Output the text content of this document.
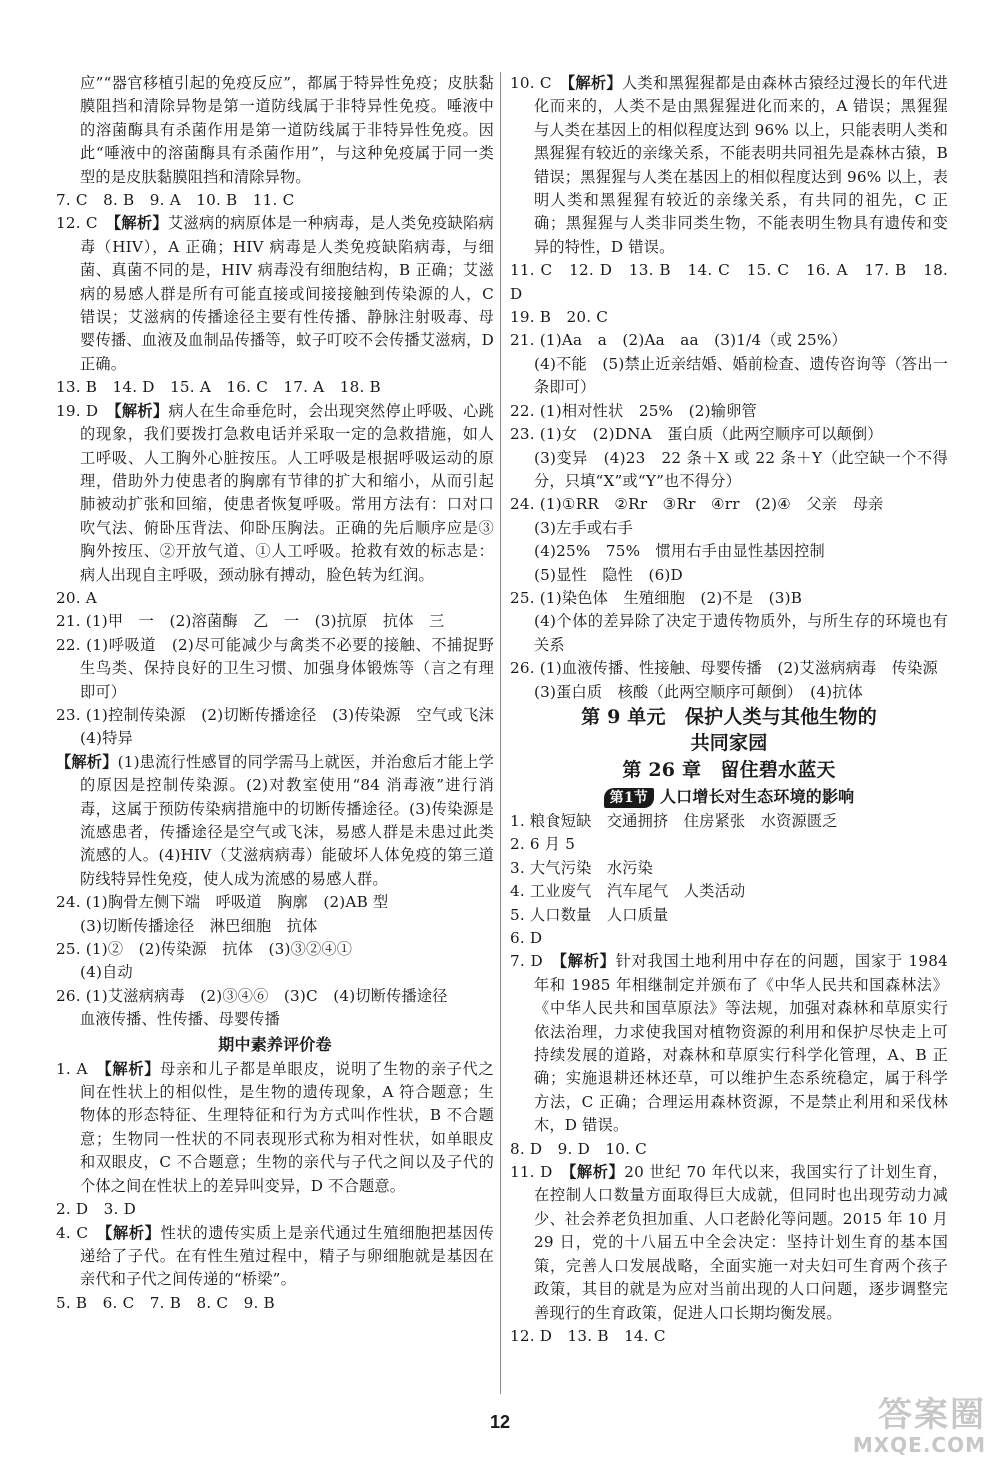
应”“器官移植引起的免疫反应”，都属于特异性免疫；皮肤黏膜阻挡和清除异物是第一道防线属于非特异性免疫。唾液中的溶菌酶具有杀菌作用是第一道防线属于非特异性免疫。因此“唾液中的溶菌酶具有杀菌作用”，与这种免疫属于同一类型的是皮肤黏膜阻挡和清除异物。

7. C　8. B　9. A　10. B　11. C

12. C　【解析】艾滋病的病原体是一种病毒，是人类免疫缺陷病毒（HIV），A 正确；HIV 病毒是人类免疫缺陷病毒，与细菌、真菌不同的是，HIV 病毒没有细胞结构，B 正确；艾滋病的易感人群是所有可能直接或间接接触到传染源的人，C 错误；艾滋病的传播途径主要有性传播、静脉注射吸毒、母婴传播、血液及血制品传播等，蚊子叮咬不会传播艾滋病，D 正确。

13. B　14. D　15. A　16. C　17. A　18. B

19. D　【解析】病人在生命垂危时，会出现突然停止呼吸、心跳的现象，我们要拨打急救电话并采取一定的急救措施，如人工呼吸、人工胸外心脏按压。人工呼吸是根据呼吸运动的原理，借助外力使患者的胸廓有节律的扩大和缩小，从而引起肺被动扩张和回缩，使患者恢复呼吸。常用方法有：口对口吹气法、俯卧压背法、仰卧压胸法。正确的先后顺序应是③胸外按压、②开放气道、①人工呼吸。抢救有效的标志是：病人出现自主呼吸，颈动脉有搏动，脸色转为红润。

20. A

21. (1)甲　一　(2)溶菌酶　乙　一　(3)抗原　抗体　三

22. (1)呼吸道　(2)尽可能减少与禽类不必要的接触、不捕捉野生鸟类、保持良好的卫生习惯、加强身体锻炼等（言之有理即可）

23. (1)控制传染源　(2)切断传播途径　(3)传染源　空气或飞沫　(4)特异

【解析】(1)患流行性感冒的同学需马上就医，并治愈后才能上学的原因是控制传染源。(2)对教室使用“84 消毒液”进行消毒，这属于预防传染病措施中的切断传播途径。(3)传染源是流感患者，传播途径是空气或飞沫，易感人群是未患过此类流感的人。(4)HIV（艾滋病病毒）能破坏人体免疫的第三道防线特异性免疫，使人成为流感的易感人群。

24. (1)胸骨左侧下端　呼吸道　胸廓　(2)AB 型
(3)切断传播途径　淋巴细胞　抗体

25. (1)②　(2)传染源　抗体　(3)③②④①
(4)自动

26. (1)艾滋病病毒　(2)③④⑥　(3)C　(4)切断传播途径
血液传播、性传播、母婴传播

期中素养评价卷

1. A　【解析】母亲和儿子都是单眼皮，说明了生物的亲子代之间在性状上的相似性，是生物的遗传现象，A 符合题意；生物体的形态特征、生理特征和行为方式叫作性状，B 不合题意；生物同一性状的不同表现形式称为相对性状，如单眼皮和双眼皮，C 不合题意；生物的亲代与子代之间以及子代的个体之间在性状上的差异叫变异，D 不合题意。

2. D　3. D

4. C　【解析】性状的遗传实质上是亲代通过生殖细胞把基因传递给了子代。在有性生殖过程中，精子与卵细胞就是基因在亲代和子代之间传递的“桥梁”。

5. B　6. C　7. B　8. C　9. B

10. C　【解析】人类和黑猩猩都是由森林古猿经过漫长的年代进化而来的，人类不是由黑猩猩进化而来的，A 错误；黑猩猩与人类在基因上的相似程度达到 96% 以上，只能表明人类和黑猩猩有较近的亲缘关系，不能表明共同祖先是森林古猿，B 错误；黑猩猩与人类在基因上的相似程度达到 96% 以上，表明人类和黑猩猩有较近的亲缘关系，有共同的祖先，C 正确；黑猩猩与人类非同类生物，不能表明生物具有遗传和变异的特性，D 错误。

11. C　12. D　13. B　14. C　15. C　16. A　17. B　18. D

19. B　20. C

21. (1)Aa　a　(2)Aa　aa　(3)1/4（或 25%）
(4)不能　(5)禁止近亲结婚、婚前检查、遗传咨询等（答出一条即可）

22. (1)相对性状　25%　(2)输卵管

23. (1)女　(2)DNA　蛋白质（此两空顺序可以颠倒）
(3)变异　(4)23　22 条＋X 或 22 条＋Y（此空缺一个不得分，只填“X”或“Y”也不得分）

24. (1)①RR　②Rr　③Rr　④rr　(2)④　父亲　母亲
(3)左手或右手
(4)25%　75%　惯用右手由显性基因控制
(5)显性　隐性　(6)D

25. (1)染色体　生殖细胞　(2)不是　(3)B
(4)个体的差异除了决定于遗传物质外，与所生存的环境也有关系

26. (1)血液传播、性接触、母婴传播　(2)艾滋病病毒　传染源
(3)蛋白质　核酸（此两空顺序可颠倒）　(4)抗体

第 9 单元　保护人类与其他生物的

共同家园

第 26 章　留住碧水蓝天

第1节 人口增长对生态环境的影响

1. 粮食短缺　交通拥挤　住房紧张　水资源匮乏

2. 6 月 5

3. 大气污染　水污染

4. 工业废气　汽车尾气　人类活动

5. 人口数量　人口质量

6. D

7. D　【解析】针对我国土地利用中存在的问题，国家于 1984 年和 1985 年相继制定并颁布了《中华人民共和国森林法》《中华人民共和国草原法》等法规，加强对森林和草原实行依法治理，力求使我国对植物资源的利用和保护尽快走上可持续发展的道路，对森林和草原实行科学化管理，A、B 正确；实施退耕还林还草，可以维护生态系统稳定，属于科学方法，C 正确；合理运用森林资源，不是禁止利用和采伐林木，D 错误。

8. D　9. D　10. C

11. D　【解析】20 世纪 70 年代以来，我国实行了计划生育，在控制人口数量方面取得巨大成就，但同时也出现劳动力减少、社会养老负担加重、人口老龄化等问题。2015 年 10 月 29 日，党的十八届五中全会决定：坚持计划生育的基本国策，完善人口发展战略，全面实施一对夫妇可生育两个孩子政策，其目的就是为应对当前出现的人口问题，逐步调整完善现行的生育政策，促进人口长期均衡发展。

12. D　13. B　14. C

12	答案圈
MXQE.COM
